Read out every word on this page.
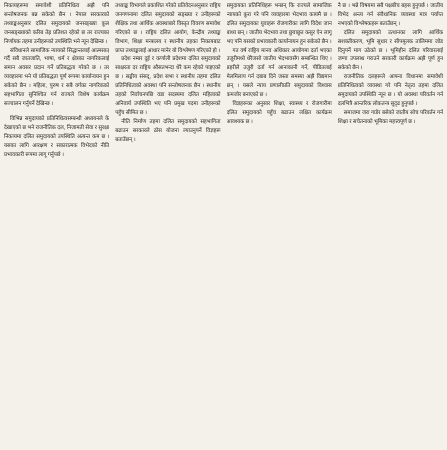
निकायहरूमा समावेशी प्रतिनिधित्व अझै पनि सन्तोषजनक बन्न सकेको छैन । नेपाल सरकारको तथ्याङ्कअनुसार दलित समुदायको जनसङ्ख्या कुल जनसङ्ख्याको करिब तेह्र प्रतिशत रहेको छ तर राज्यका निर्णायक तहमा उनीहरूको उपस्थिति भने न्यून देखिन्छ ।

संविधानले सामाजिक न्यायको सिद्धान्तलाई आत्मसात् गर्दै सबै जातजाति, भाषा, धर्म र क्षेत्रका नागरिकलाई समान अवसर प्रदान गर्ने प्रतिबद्धता गरेको छ । तर व्यवहारमा भने यो प्रतिबद्धता पूर्ण रूपमा कार्यान्वयन हुन सकेको छैन । महिला, पुरुष र सबै वर्गका नागरिकको सहभागिता सुनिश्चित गर्न राज्यले विशेष कार्यक्रम सञ्चालन गर्नुपर्ने देखिन्छ ।

विभिन्न समुदायको प्रतिनिधित्वसम्बन्धी अध्ययनले के देखाएको छ भने राजनीतिक दल, निजामती सेवा र सुरक्षा निकायमा दलित समुदायको उपस्थिति अत्यन्त कम छ । यसका लागि आरक्षण र सकारात्मक विभेदको नीति प्रभावकारी रूपमा लागू गर्नुपर्छ ।

तथ्याङ्क विभागले प्रकाशित गरेको प्रतिवेदनअनुसार राष्ट्रिय जनगणनामा दलित समुदायको सङ्ख्या र उनीहरूको शैक्षिक तथा आर्थिक अवस्थाबारे विस्तृत विवरण समावेश गरिएको छ । राष्ट्रिय दलित आयोग, केन्द्रीय तथ्याङ्क विभाग, शिक्षा मन्त्रालय र स्थानीय तहका निकायबाट प्राप्त तथ्याङ्कलाई आधार मानेर यो विश्लेषण गरिएको हो ।

प्रदेश नम्बर दुई र कर्णाली प्रदेशमा दलित समुदायको साक्षरता दर राष्ट्रिय औसतभन्दा धेरै कम रहेको पाइएको छ । सङ्घीय संसद्, प्रदेश सभा र स्थानीय तहमा दलित प्रतिनिधित्वको अवस्था पनि सन्तोषजनक छैन । स्थानीय तहको निर्वाचनपछि वडा सदस्यमा दलित महिलाको अनिवार्य उपस्थिति भए पनि प्रमुख पदमा उनीहरूको पहुँच सीमित छ ।

नीति निर्माण तहमा दलित समुदायको सहभागिता बढाउन सरकारले ठोस योजना ल्याउनुपर्ने विज्ञहरू बताउँछन् ।

समुदायका प्रतिनिधिहरू भन्छन् कि राज्यले सामाजिक न्यायको कुरा गरे पनि व्यवहारमा भेदभाव कायमै छ । दलित समुदायका युवाहरू रोजगारीका लागि विदेश जान बाध्य छन् । जातीय भेदभाव तथा छुवाछूत कसुर ऐन लागू भए पनि यसको प्रभावकारी कार्यान्वयन हुन सकेको छैन ।

गत वर्ष राष्ट्रिय मानव अधिकार आयोगमा दर्ता भएका उजुरीमध्ये धेरैजसो जातीय भेदभावसँग सम्बन्धित थिए । प्रहरीले उजुरी दर्ता गर्न आनाकानी गर्ने, पीडितलाई मेलमिलाप गर्न दबाब दिने जस्ता समस्या अझै विद्यमान छन् । यसले न्याय प्रणालीप्रति समुदायको विश्वास कमजोर बनाएको छ ।

विज्ञहरूका अनुसार शिक्षा, स्वास्थ्य र रोजगारीमा दलित समुदायको पहुँच बढाउन लक्षित कार्यक्रम आवश्यक छ ।

नै छ । भन्ने विषयमा सबै पक्षबीच बहस हुनुपर्छ । जातीय विभेद अन्त्य गर्न संवैधानिक व्यवस्था मात्र पर्याप्त नभएको विश्लेषकहरू बताउँछन् ।

दलित समुदायको उत्थानका लागि आर्थिक सशक्तीकरण, भूमि सुधार र सीपमूलक तालिममा जोड दिनुपर्ने माग उठेको छ । भूमिहीन दलित परिवारलाई जग्गा उपलब्ध गराउने सरकारी कार्यक्रम अझै पूर्ण हुन सकेको छैन ।

राजनीतिक दलहरूले आफ्ना विधानमा समावेशी प्रतिनिधित्वको व्यवस्था गरे पनि नेतृत्व तहमा दलित समुदायको उपस्थिति न्यून छ । यो अवस्था परिवर्तन गर्न दलभित्रै आन्तरिक लोकतन्त्र सुदृढ हुनुपर्छ ।

समाजमा जरा गाडेर बसेको जातीय सोच परिवर्तन गर्न शिक्षा र सचेतनाको भूमिका महत्त्वपूर्ण छ ।
